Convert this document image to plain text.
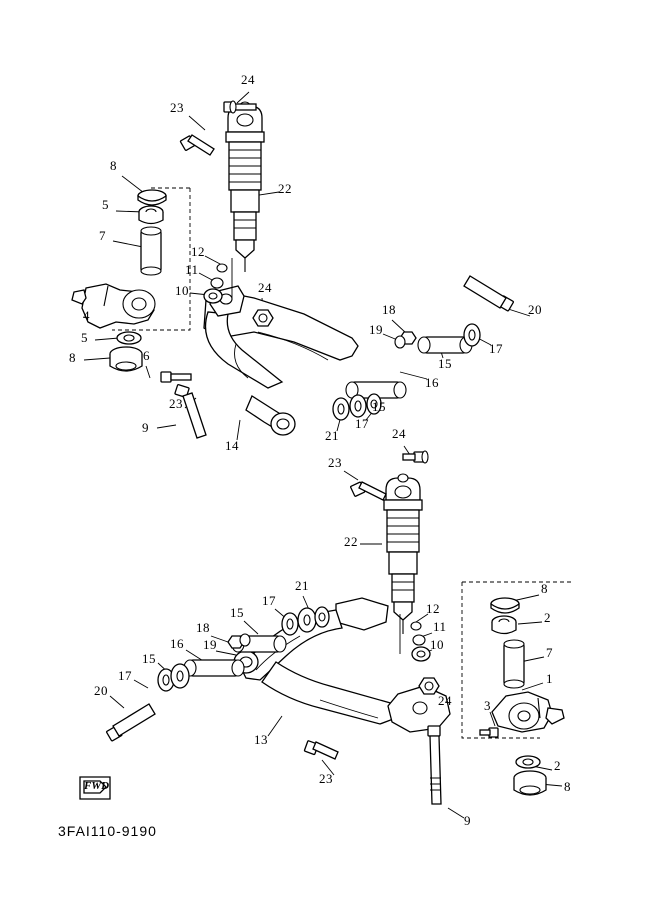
24
23
8
5
22
7
12
11
10	24
4
5
6
8
18
19
20
17
15
16
23	15
17
21
9
14
24
23
22
8
2
21
17
15	12
11
7
18
19
16	10
15
1
17
20
24 3
13
2
23
8
9
FWD
3FAI110-9190
